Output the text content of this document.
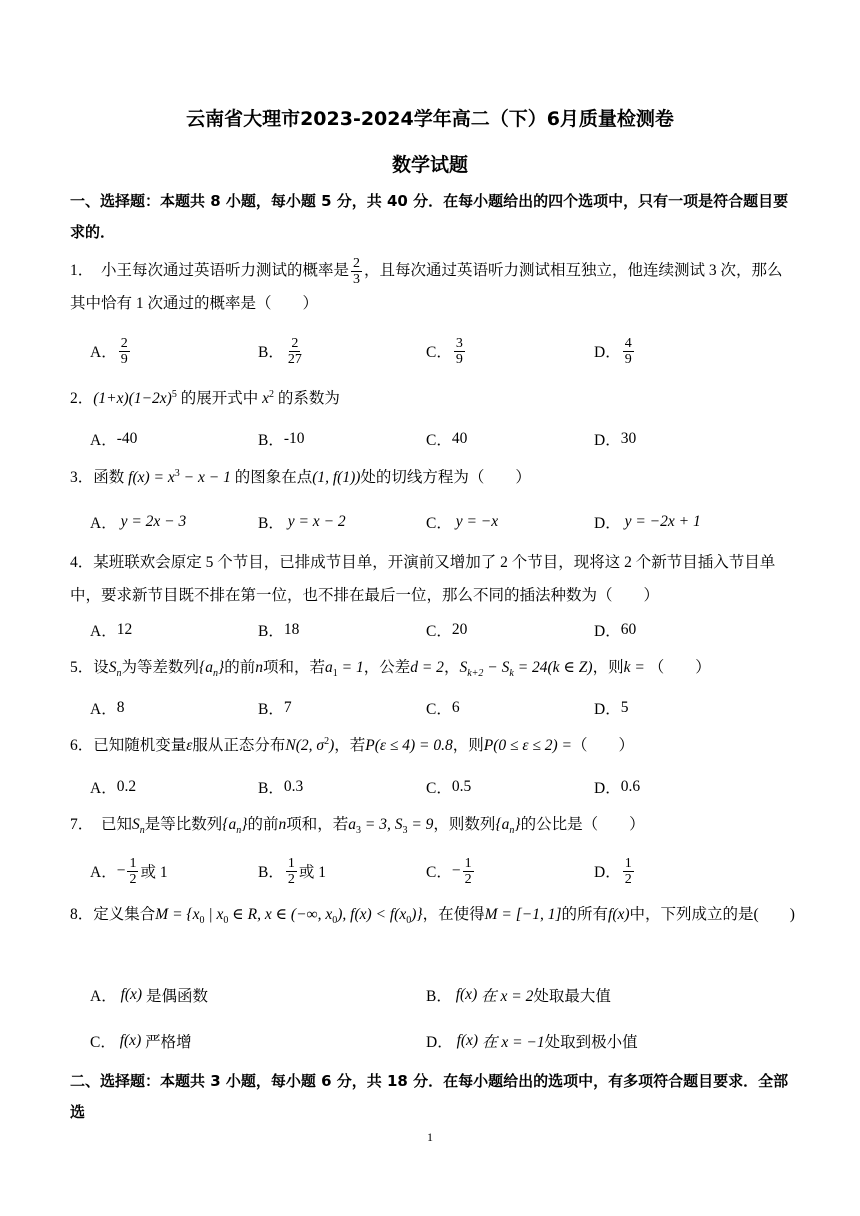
云南省大理市2023-2024学年高二（下）6月质量检测卷
数学试题
一、选择题：本题共 8 小题，每小题 5 分，共 40 分．在每小题给出的四个选项中，只有一项是符合题目要求的．
1． 小王每次通过英语听力测试的概率是 $\frac{2}{3}$ ，且每次通过英语听力测试相互独立，他连续测试 3 次，那么其中恰有 1 次通过的概率是（　　）
A． $\frac{2}{9}$	B． $\frac{2}{27}$	C． $\frac{3}{9}$	D． $\frac{4}{9}$
2．$(1+x)(1-2x)^5$ 的展开式中 $x^2$ 的系数为
A． -40	B． -10	C． 40	D． 30
3．函数 $f(x) = x^3 - x - 1$ 的图象在点(1, f(1))处的切线方程为（　　）
A．
y = 2x − 3	B．
y = x − 2	C．
y = −x	D．
y = −2x + 1
4．某班联欢会原定 5 个节目，已排成节目单，开演前又增加了 2 个节目，现将这 2 个新节目插入节目单中，要求新节目既不排在第一位，也不排在最后一位，那么不同的插法种数为（　　）
A． 12	B． 18	C． 20	D． 60
5．设$S_n$为等差数列$\{a_n\}$的前n项和，若$a_1 = 1$，公差d = 2，$S_{k+2} - S_k = 24(k$ ∈ Z)，则k = （　　）
A． 8	B． 7	C． 6	D． 5
6．已知随机变量ε服从正态分布N(2, $\sigma^2$)，若P(ε ≤ 4) = 0.8，则P(0 ≤ ε ≤ 2) =（　　）
A． 0.2	B． 0.3	C． 0.5	D． 0.6
7． 已知$S_n$是等比数列$\{a_n\}$的前n项和，若$a_3 = 3$, $S_3 = 9$，则数列$\{a_n\}$的公比是（　　）
A． − $\frac{1}{2}$ 或 1	B． $\frac{1}{2}$ 或 1	C． − $\frac{1}{2}$	D． $\frac{1}{2}$
8．定义集合$M = \{x_0$ | $x_0$ ∈ R, x ∈ (−∞, $x_0$), $f(x) < f(x_0)$}，在使得M = [−1, 1]的所有f(x)中，下列成立的是(　　)
A．
f(x)
是偶函数	B．
f(x)
在 x = 2 处取最大值
C．
f(x)
严格增	D．
f(x)
在 x = −1 处取到极小值
二、选择题：本题共 3 小题，每小题 6 分，共 18 分．在每小题给出的选项中，有多项符合题目要求．全部选
1
